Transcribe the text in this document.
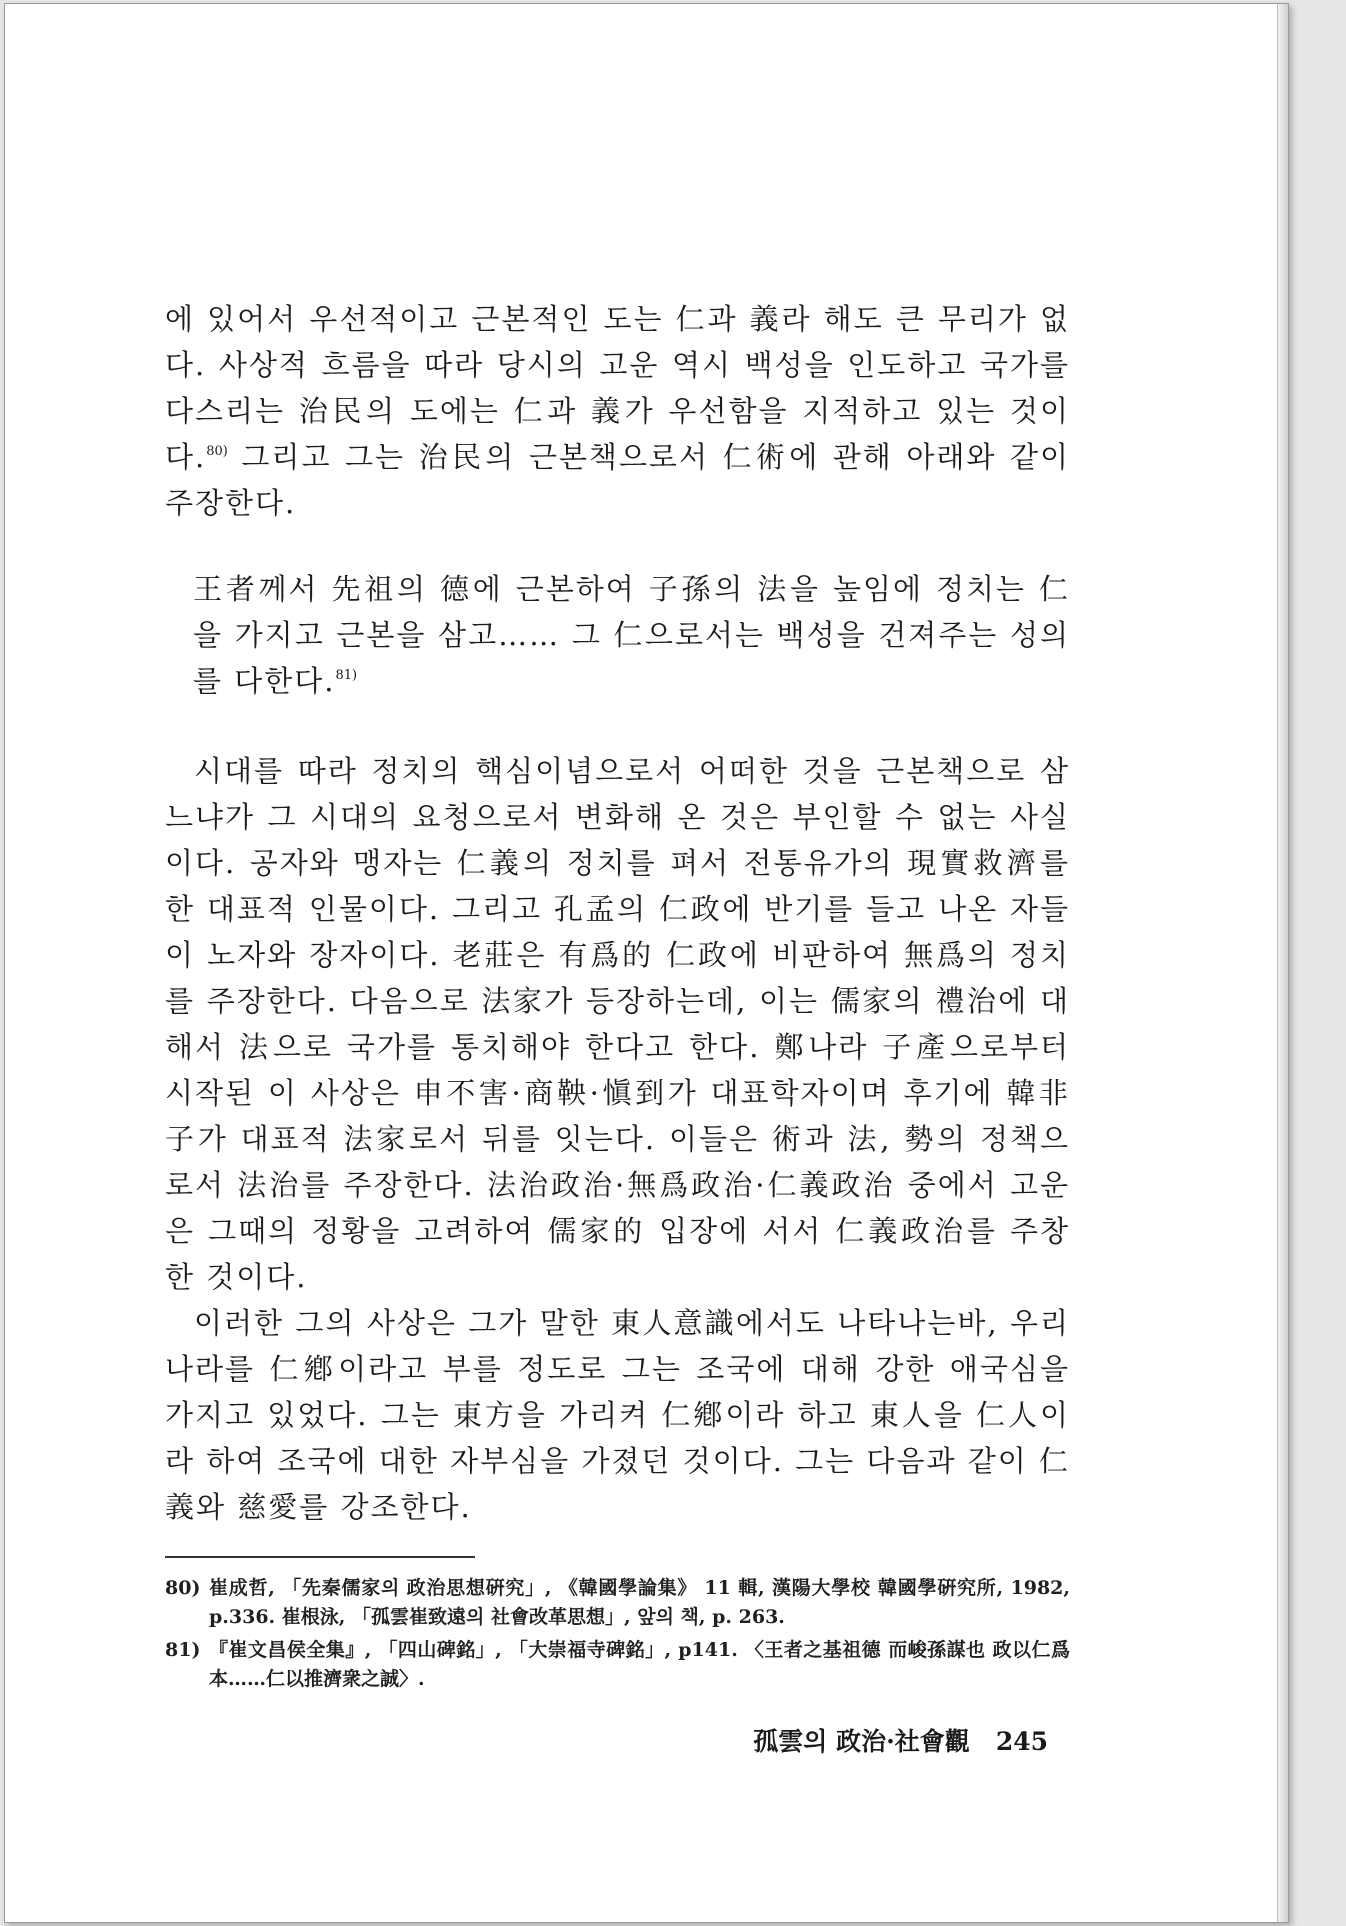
에 있어서 우선적이고 근본적인 도는 仁과 義라 해도 큰 무리가 없다. 사상적 흐름을 따라 당시의 고운 역시 백성을 인도하고 국가를 다스리는 治民의 도에는 仁과 義가 우선함을 지적하고 있는 것이다.$^{80)}$ 그리고 그는 治民의 근본책으로서 仁術에 관해 아래와 같이 주장한다.

王者께서 先祖의 德에 근본하여 子孫의 法을 높임에 정치는 仁을 가지고 근본을 삼고…… 그 仁으로서는 백성을 건져주는 성의를 다한다.$^{81)}$

시대를 따라 정치의 핵심이념으로서 어떠한 것을 근본책으로 삼느냐가 그 시대의 요청으로서 변화해 온 것은 부인할 수 없는 사실이다. 공자와 맹자는 仁義의 정치를 펴서 전통유가의 現實救濟를 한 대표적 인물이다. 그리고 孔孟의 仁政에 반기를 들고 나온 자들이 노자와 장자이다. 老莊은 有爲的 仁政에 비판하여 無爲의 정치를 주장한다. 다음으로 法家가 등장하는데, 이는 儒家의 禮治에 대해서 法으로 국가를 통치해야 한다고 한다. 鄭나라 子產으로부터 시작된 이 사상은 申不害·商鞅·愼到가 대표학자이며 후기에 韓非子가 대표적 法家로서 뒤를 잇는다. 이들은 術과 法, 勢의 정책으로서 法治를 주장한다. 法治政治·無爲政治·仁義政治 중에서 고운은 그때의 정황을 고려하여 儒家的 입장에 서서 仁義政治를 주창한 것이다.

이러한 그의 사상은 그가 말한 東人意識에서도 나타나는바, 우리나라를 仁鄕이라고 부를 정도로 그는 조국에 대해 강한 애국심을 가지고 있었다. 그는 東方을 가리켜 仁鄕이라 하고 東人을 仁人이라 하여 조국에 대한 자부심을 가졌던 것이다. 그는 다음과 같이 仁義와 慈愛를 강조한다.

80) 崔成哲, 「先秦儒家의 政治思想硏究」, 《韓國學論集》 11 輯, 漢陽大學校 韓國學硏究所, 1982, p.336. 崔根泳, 「孤雲崔致遠의 社會改革思想」, 앞의 책, p. 263.
81) 『崔文昌侯全集』, 「四山碑銘」, 「大崇福寺碑銘」, p141. 〈王者之基祖德 而峻孫謀也 政以仁爲本……仁以推濟衆之誠〉.
孤雲의 政治·社會觀 245
